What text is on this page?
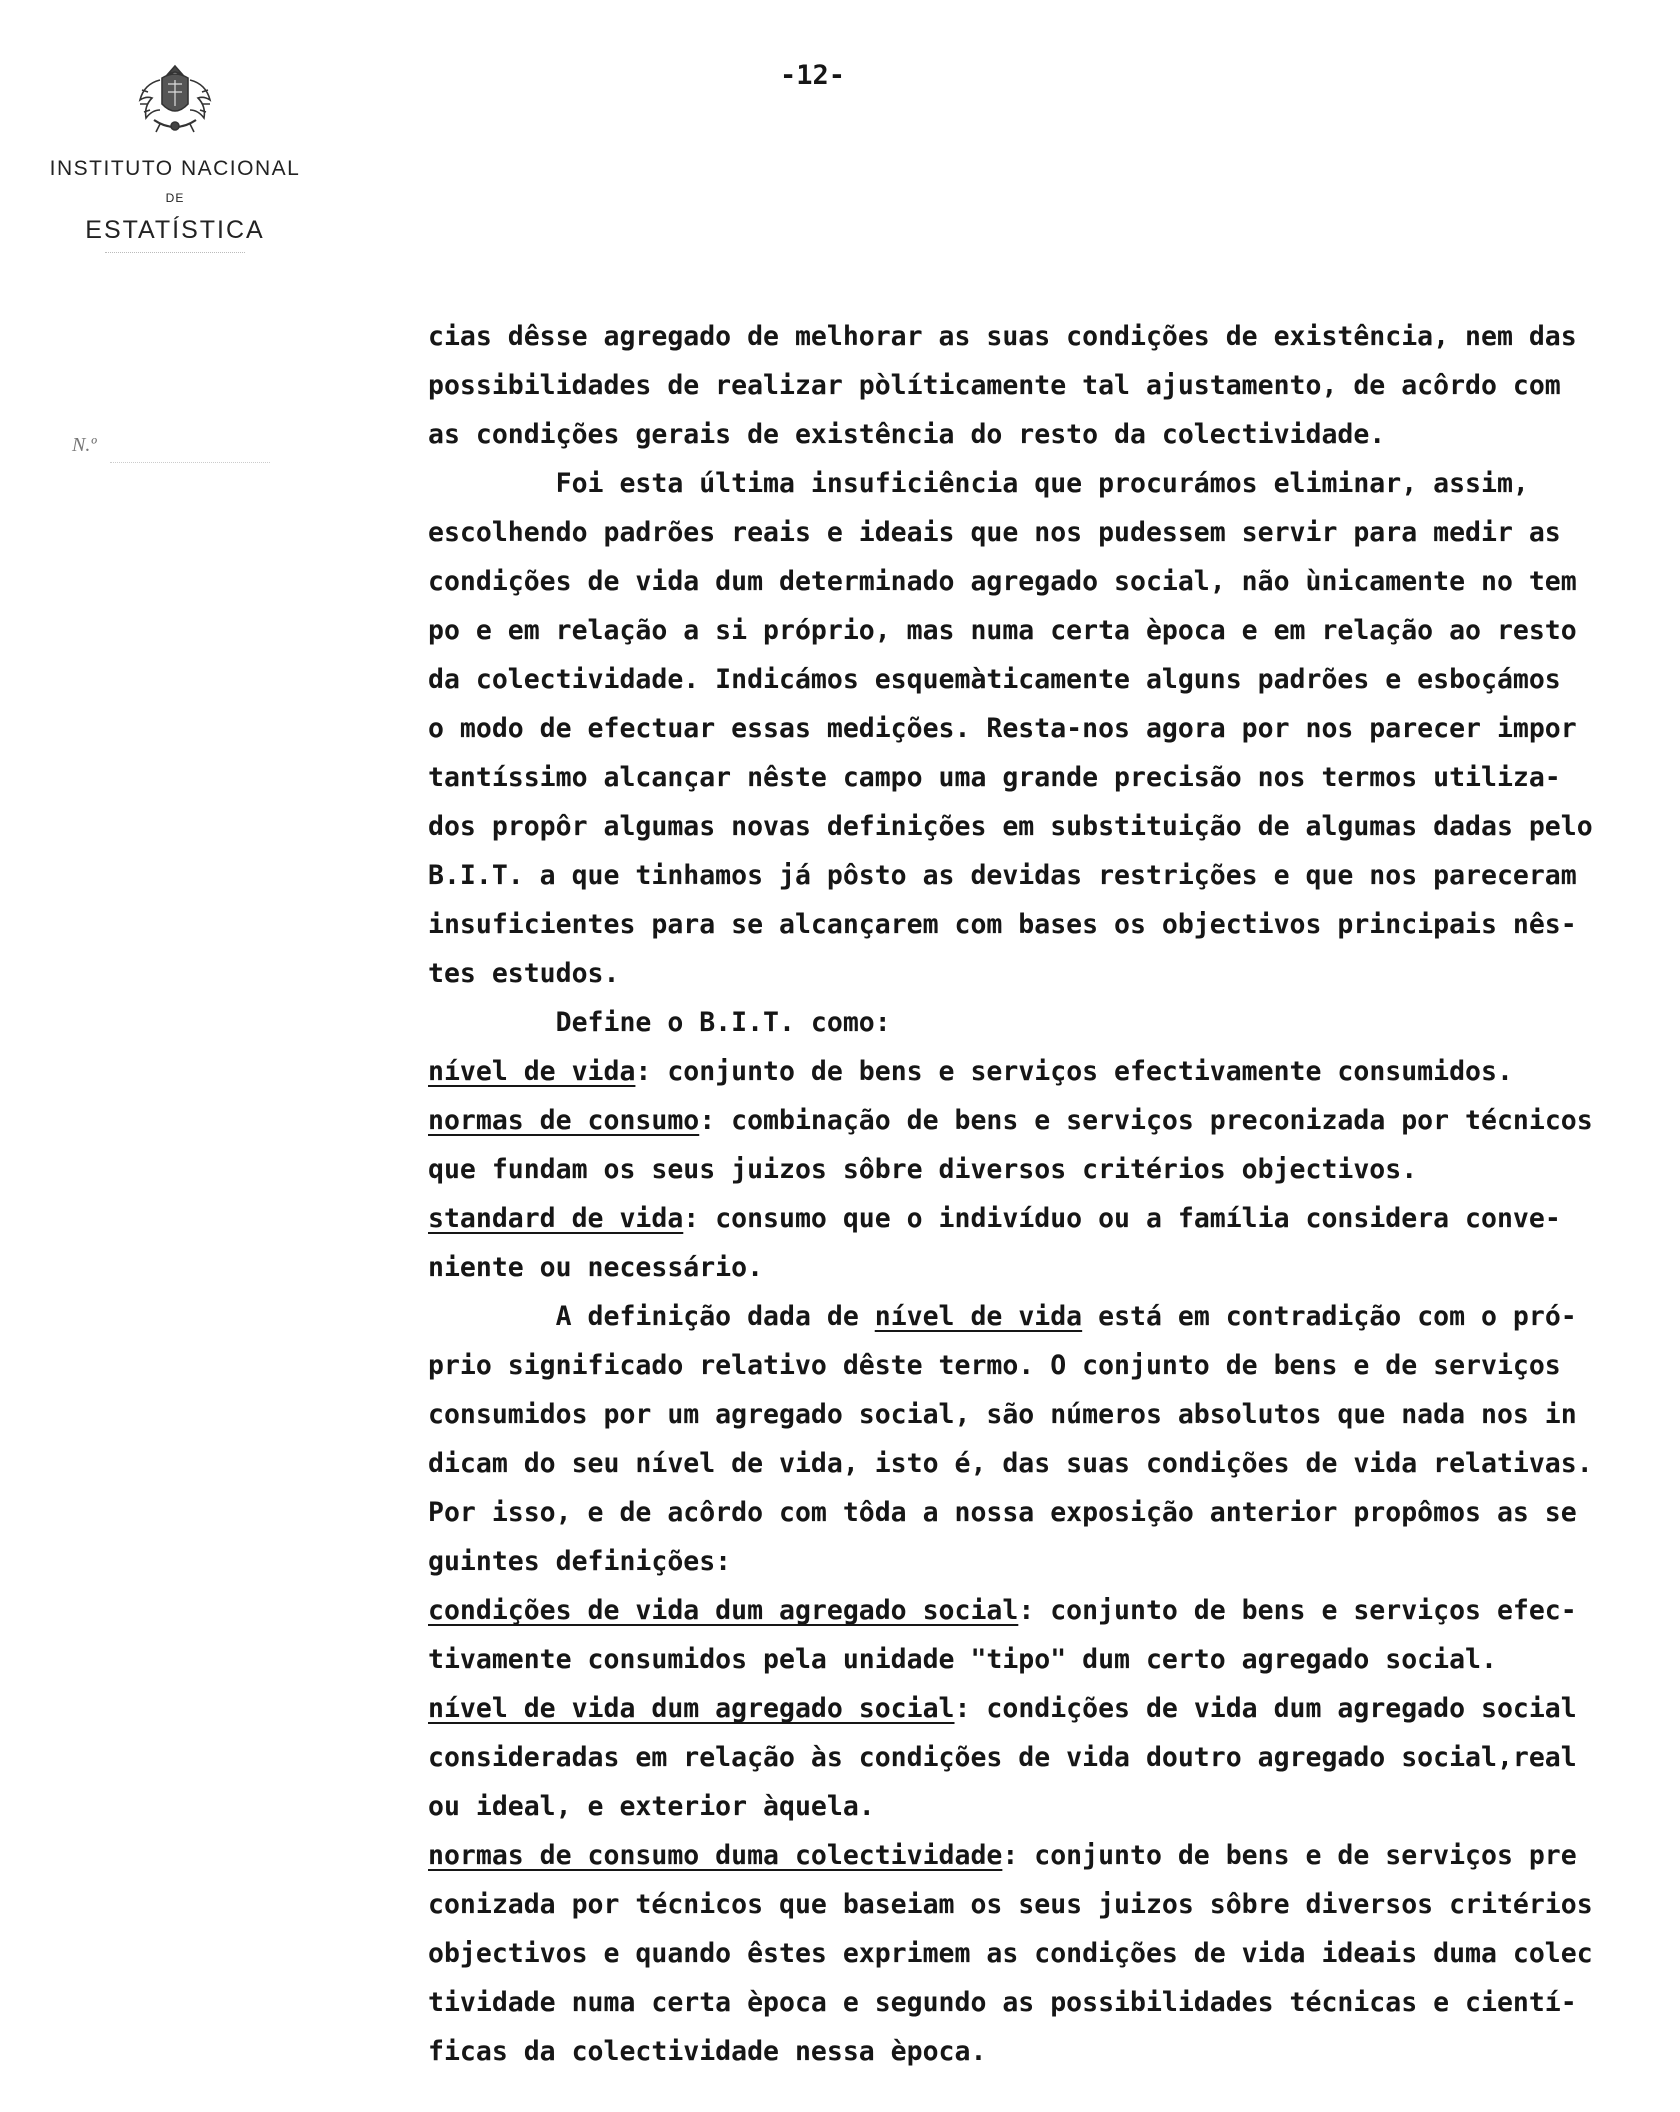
INSTITUTO NACIONAL
DE
ESTATÍSTICA
N.º
-12-
cias dêsse agregado de melhorar as suas condições de existência, nem das
possibilidades de realizar pòlíticamente tal ajustamento, de acôrdo com
as condições gerais de existência do resto da colectividade.
Foi esta última insuficiência que procurámos eliminar, assim,
escolhendo padrões reais e ideais que nos pudessem servir para medir as
condições de vida dum determinado agregado social, não ùnicamente no tem
po e em relação a si próprio, mas numa certa època e em relação ao resto
da colectividade. Indicámos esquemàticamente alguns padrões e esboçámos
o modo de efectuar essas medições. Resta-nos agora por nos parecer impor
tantíssimo alcançar nêste campo uma grande precisão nos termos utiliza-
dos propôr algumas novas definições em substituição de algumas dadas pelo
B.I.T. a que tinhamos já pôsto as devidas restrições e que nos pareceram
insuficientes para se alcançarem com bases os objectivos principais nês-
tes estudos.
Define o B.I.T. como:
nível de vida: conjunto de bens e serviços efectivamente consumidos.
normas de consumo: combinação de bens e serviços preconizada por técnicos
que fundam os seus juizos sôbre diversos critérios objectivos.
standard de vida: consumo que o indivíduo ou a família considera conve-
niente ou necessário.
A definição dada de nível de vida está em contradição com o pró-
prio significado relativo dêste termo. O conjunto de bens e de serviços
consumidos por um agregado social, são números absolutos que nada nos in
dicam do seu nível de vida, isto é, das suas condições de vida relativas.
Por isso, e de acôrdo com tôda a nossa exposição anterior propômos as se
guintes definições:
condições de vida dum agregado social: conjunto de bens e serviços efec-
tivamente consumidos pela unidade "tipo" dum certo agregado social.
nível de vida dum agregado social: condições de vida dum agregado social
consideradas em relação às condições de vida doutro agregado social,real
ou ideal, e exterior àquela.
normas de consumo duma colectividade: conjunto de bens e de serviços pre
conizada por técnicos que baseiam os seus juizos sôbre diversos critérios
objectivos e quando êstes exprimem as condições de vida ideais duma colec
tividade numa certa època e segundo as possibilidades técnicas e cientí-
ficas da colectividade nessa època.
